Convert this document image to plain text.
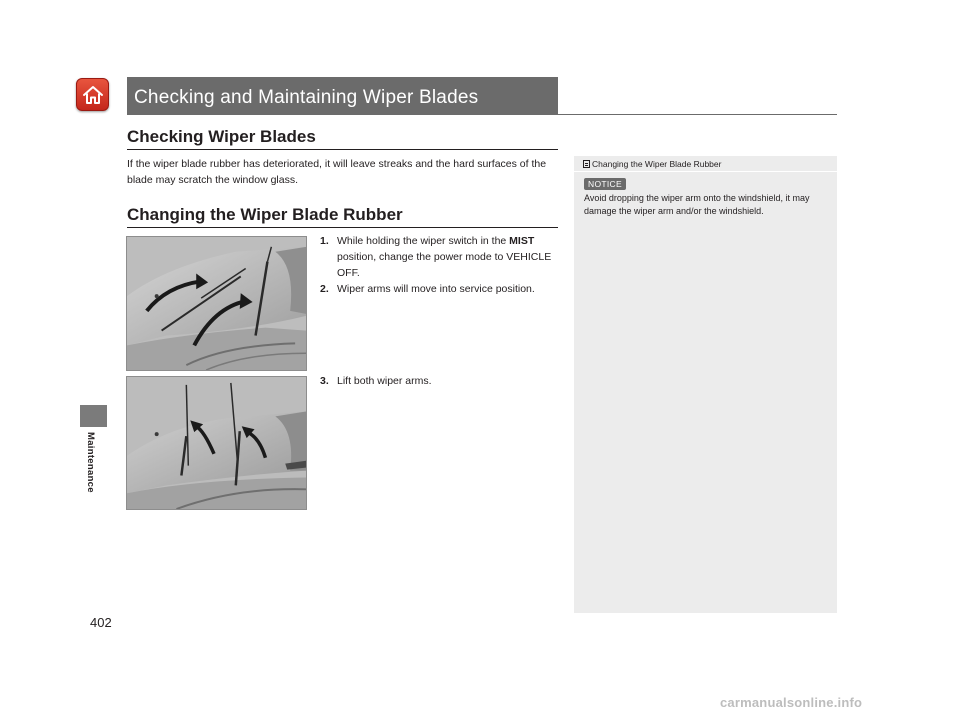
Checking and Maintaining Wiper Blades
Maintenance
Checking Wiper Blades
If the wiper blade rubber has deteriorated, it will leave streaks and the hard surfaces of the blade may scratch the window glass.
Changing the Wiper Blade Rubber
1. While holding the wiper switch in the MIST position, change the power mode to VEHICLE OFF.
2. Wiper arms will move into service position.
3. Lift both wiper arms.
Changing the Wiper Blade Rubber
NOTICE
Avoid dropping the wiper arm onto the windshield, it may damage the wiper arm and/or the windshield.
402
carmanualsonline.info
